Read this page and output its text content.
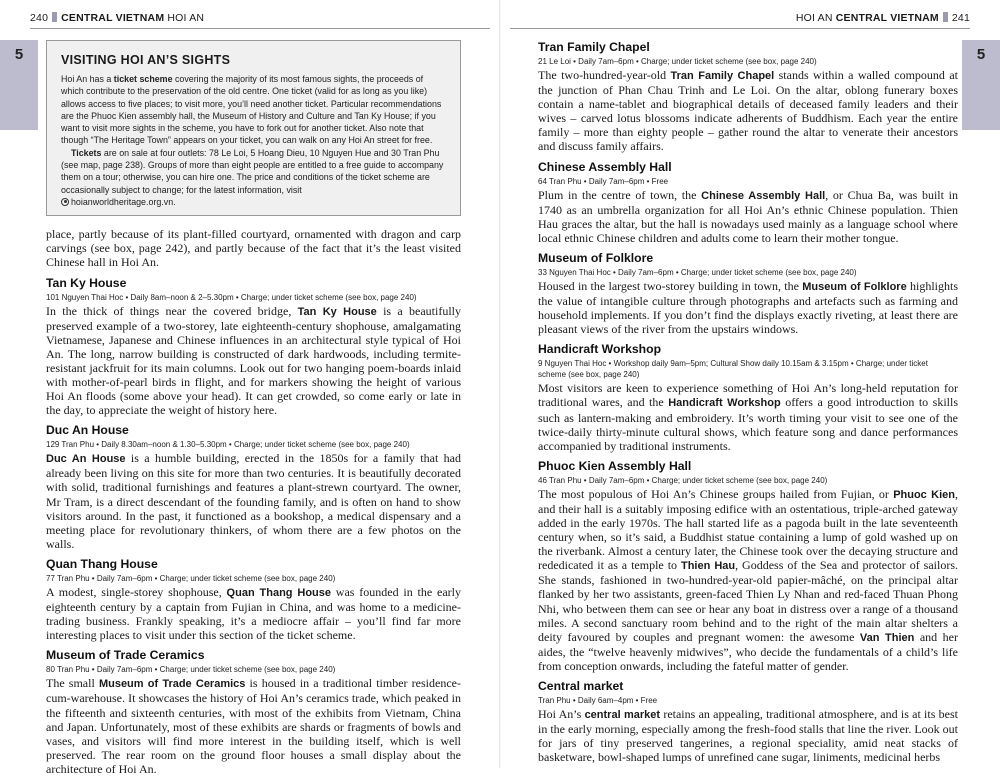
240 CENTRAL VIETNAM HOI AN
5
HOI AN CENTRAL VIETNAM 241
5
VISITING HOI AN’S SIGHTS

Hoi An has a ticket scheme covering the majority of its most famous sights, the proceeds of which contribute to the preservation of the old centre. One ticket (valid for as long as you like) allows access to five places; to visit more, you’ll need another ticket. Particular recommendations are the Phuoc Kien assembly hall, the Museum of History and Culture and Tan Ky House; if you want to visit more sights in the scheme, you have to fork out for another ticket. Also note that though “The Heritage Town” appears on your ticket, you can walk on any Hoi An street for free.

Tickets are on sale at four outlets: 78 Le Loi, 5 Hoang Dieu, 10 Nguyen Hue and 30 Tran Phu (see map, page 238). Groups of more than eight people are entitled to a free guide to accompany them on a tour; otherwise, you can hire one. The price and conditions of the ticket scheme are occasionally subject to change; for the latest information, visit
hoianworldheritage.org.vn.

place, partly because of its plant-filled courtyard, ornamented with dragon and carp carvings (see box, page 242), and partly because of the fact that it’s the least visited Chinese hall in Hoi An.

Tan Ky House
101 Nguyen Thai Hoc • Daily 8am–noon & 2–5.30pm • Charge; under ticket scheme (see box, page 240)

In the thick of things near the covered bridge, Tan Ky House is a beautifully preserved example of a two-storey, late eighteenth-century shophouse, amalgamating Vietnamese, Japanese and Chinese influences in an architectural style typical of Hoi An. The long, narrow building is constructed of dark hardwoods, including termite-resistant jackfruit for its main columns. Look out for two hanging poem-boards inlaid with mother-of-pearl birds in flight, and for markers showing the height of various Hoi An floods (some above your head). It can get crowded, so come early or late in the day, to appreciate the weight of history here.

Duc An House
129 Tran Phu • Daily 8.30am–noon & 1.30–5.30pm • Charge; under ticket scheme (see box, page 240)

Duc An House is a humble building, erected in the 1850s for a family that had already been living on this site for more than two centuries. It is beautifully decorated with solid, traditional furnishings and features a plant-strewn courtyard. The owner, Mr Tram, is a direct descendant of the founding family, and is often on hand to show visitors around. In the past, it functioned as a bookshop, a medical dispensary and a meeting place for revolutionary thinkers, of whom there are a few photos on the walls.

Quan Thang House
77 Tran Phu • Daily 7am–6pm • Charge; under ticket scheme (see box, page 240)

A modest, single-storey shophouse, Quan Thang House was founded in the early eighteenth century by a captain from Fujian in China, and was home to a medicine-trading business. Frankly speaking, it’s a mediocre affair – you’ll find far more interesting places to visit under this section of the ticket scheme.

Museum of Trade Ceramics
80 Tran Phu • Daily 7am–6pm • Charge; under ticket scheme (see box, page 240)

The small Museum of Trade Ceramics is housed in a traditional timber residence-cum-warehouse. It showcases the history of Hoi An’s ceramics trade, which peaked in the fifteenth and sixteenth centuries, with most of the exhibits from Vietnam, China and Japan. Unfortunately, most of these exhibits are shards or fragments of bowls and vases, and visitors will find more interest in the building itself, which is well preserved. The rear room on the ground floor houses a small display about the architecture of Hoi An.

Tran Family Chapel
21 Le Loi • Daily 7am–6pm • Charge; under ticket scheme (see box, page 240)

The two-hundred-year-old Tran Family Chapel stands within a walled compound at the junction of Phan Chau Trinh and Le Loi. On the altar, oblong funerary boxes contain a name-tablet and biographical details of deceased family leaders and their wives – carved lotus blossoms indicate adherents of Buddhism. Each year the entire family – more than eighty people – gather round the altar to venerate their ancestors and discuss family affairs.

Chinese Assembly Hall
64 Tran Phu • Daily 7am–6pm • Free

Plum in the centre of town, the Chinese Assembly Hall, or Chua Ba, was built in 1740 as an umbrella organization for all Hoi An’s ethnic Chinese population. Thien Hau graces the altar, but the hall is nowadays used mainly as a language school where local ethnic Chinese children and adults come to learn their mother tongue.

Museum of Folklore
33 Nguyen Thai Hoc • Daily 7am–6pm • Charge; under ticket scheme (see box, page 240)

Housed in the largest two-storey building in town, the Museum of Folklore highlights the value of intangible culture through photographs and artefacts such as farming and household implements. If you don’t find the displays exactly riveting, at least there are pleasant views of the river from the upstairs windows.

Handicraft Workshop
9 Nguyen Thai Hoc • Workshop daily 9am–5pm; Cultural Show daily 10.15am & 3.15pm • Charge; under ticket scheme (see box, page 240)

Most visitors are keen to experience something of Hoi An’s long-held reputation for traditional wares, and the Handicraft Workshop offers a good introduction to skills such as lantern-making and embroidery. It’s worth timing your visit to see one of the twice-daily thirty-minute cultural shows, which feature song and dance performances accompanied by traditional instruments.

Phuoc Kien Assembly Hall
46 Tran Phu • Daily 7am–6pm • Charge; under ticket scheme (see box, page 240)

The most populous of Hoi An’s Chinese groups hailed from Fujian, or Phuoc Kien, and their hall is a suitably imposing edifice with an ostentatious, triple-arched gateway added in the early 1970s. The hall started life as a pagoda built in the late seventeenth century when, so it’s said, a Buddhist statue containing a lump of gold washed up on the riverbank. Almost a century later, the Chinese took over the decaying structure and rededicated it as a temple to Thien Hau, Goddess of the Sea and protector of sailors. She stands, fashioned in two-hundred-year-old papier-mâché, on the principal altar flanked by her two assistants, green-faced Thien Ly Nhan and red-faced Thuan Phong Nhi, who between them can see or hear any boat in distress over a range of a thousand miles. A second sanctuary room behind and to the right of the main altar shelters a deity favoured by couples and pregnant women: the awesome Van Thien and her aides, the “twelve heavenly midwives”, who decide the fundamentals of a child’s life from conception onwards, including the fateful matter of gender.

Central market
Tran Phu • Daily 6am–4pm • Free

Hoi An’s central market retains an appealing, traditional atmosphere, and is at its best in the early morning, especially among the fresh-food stalls that line the river. Look out for jars of tiny preserved tangerines, a regional speciality, amid neat stacks of basketware, bowl-shaped lumps of unrefined cane sugar, liniments, medicinal herbs
